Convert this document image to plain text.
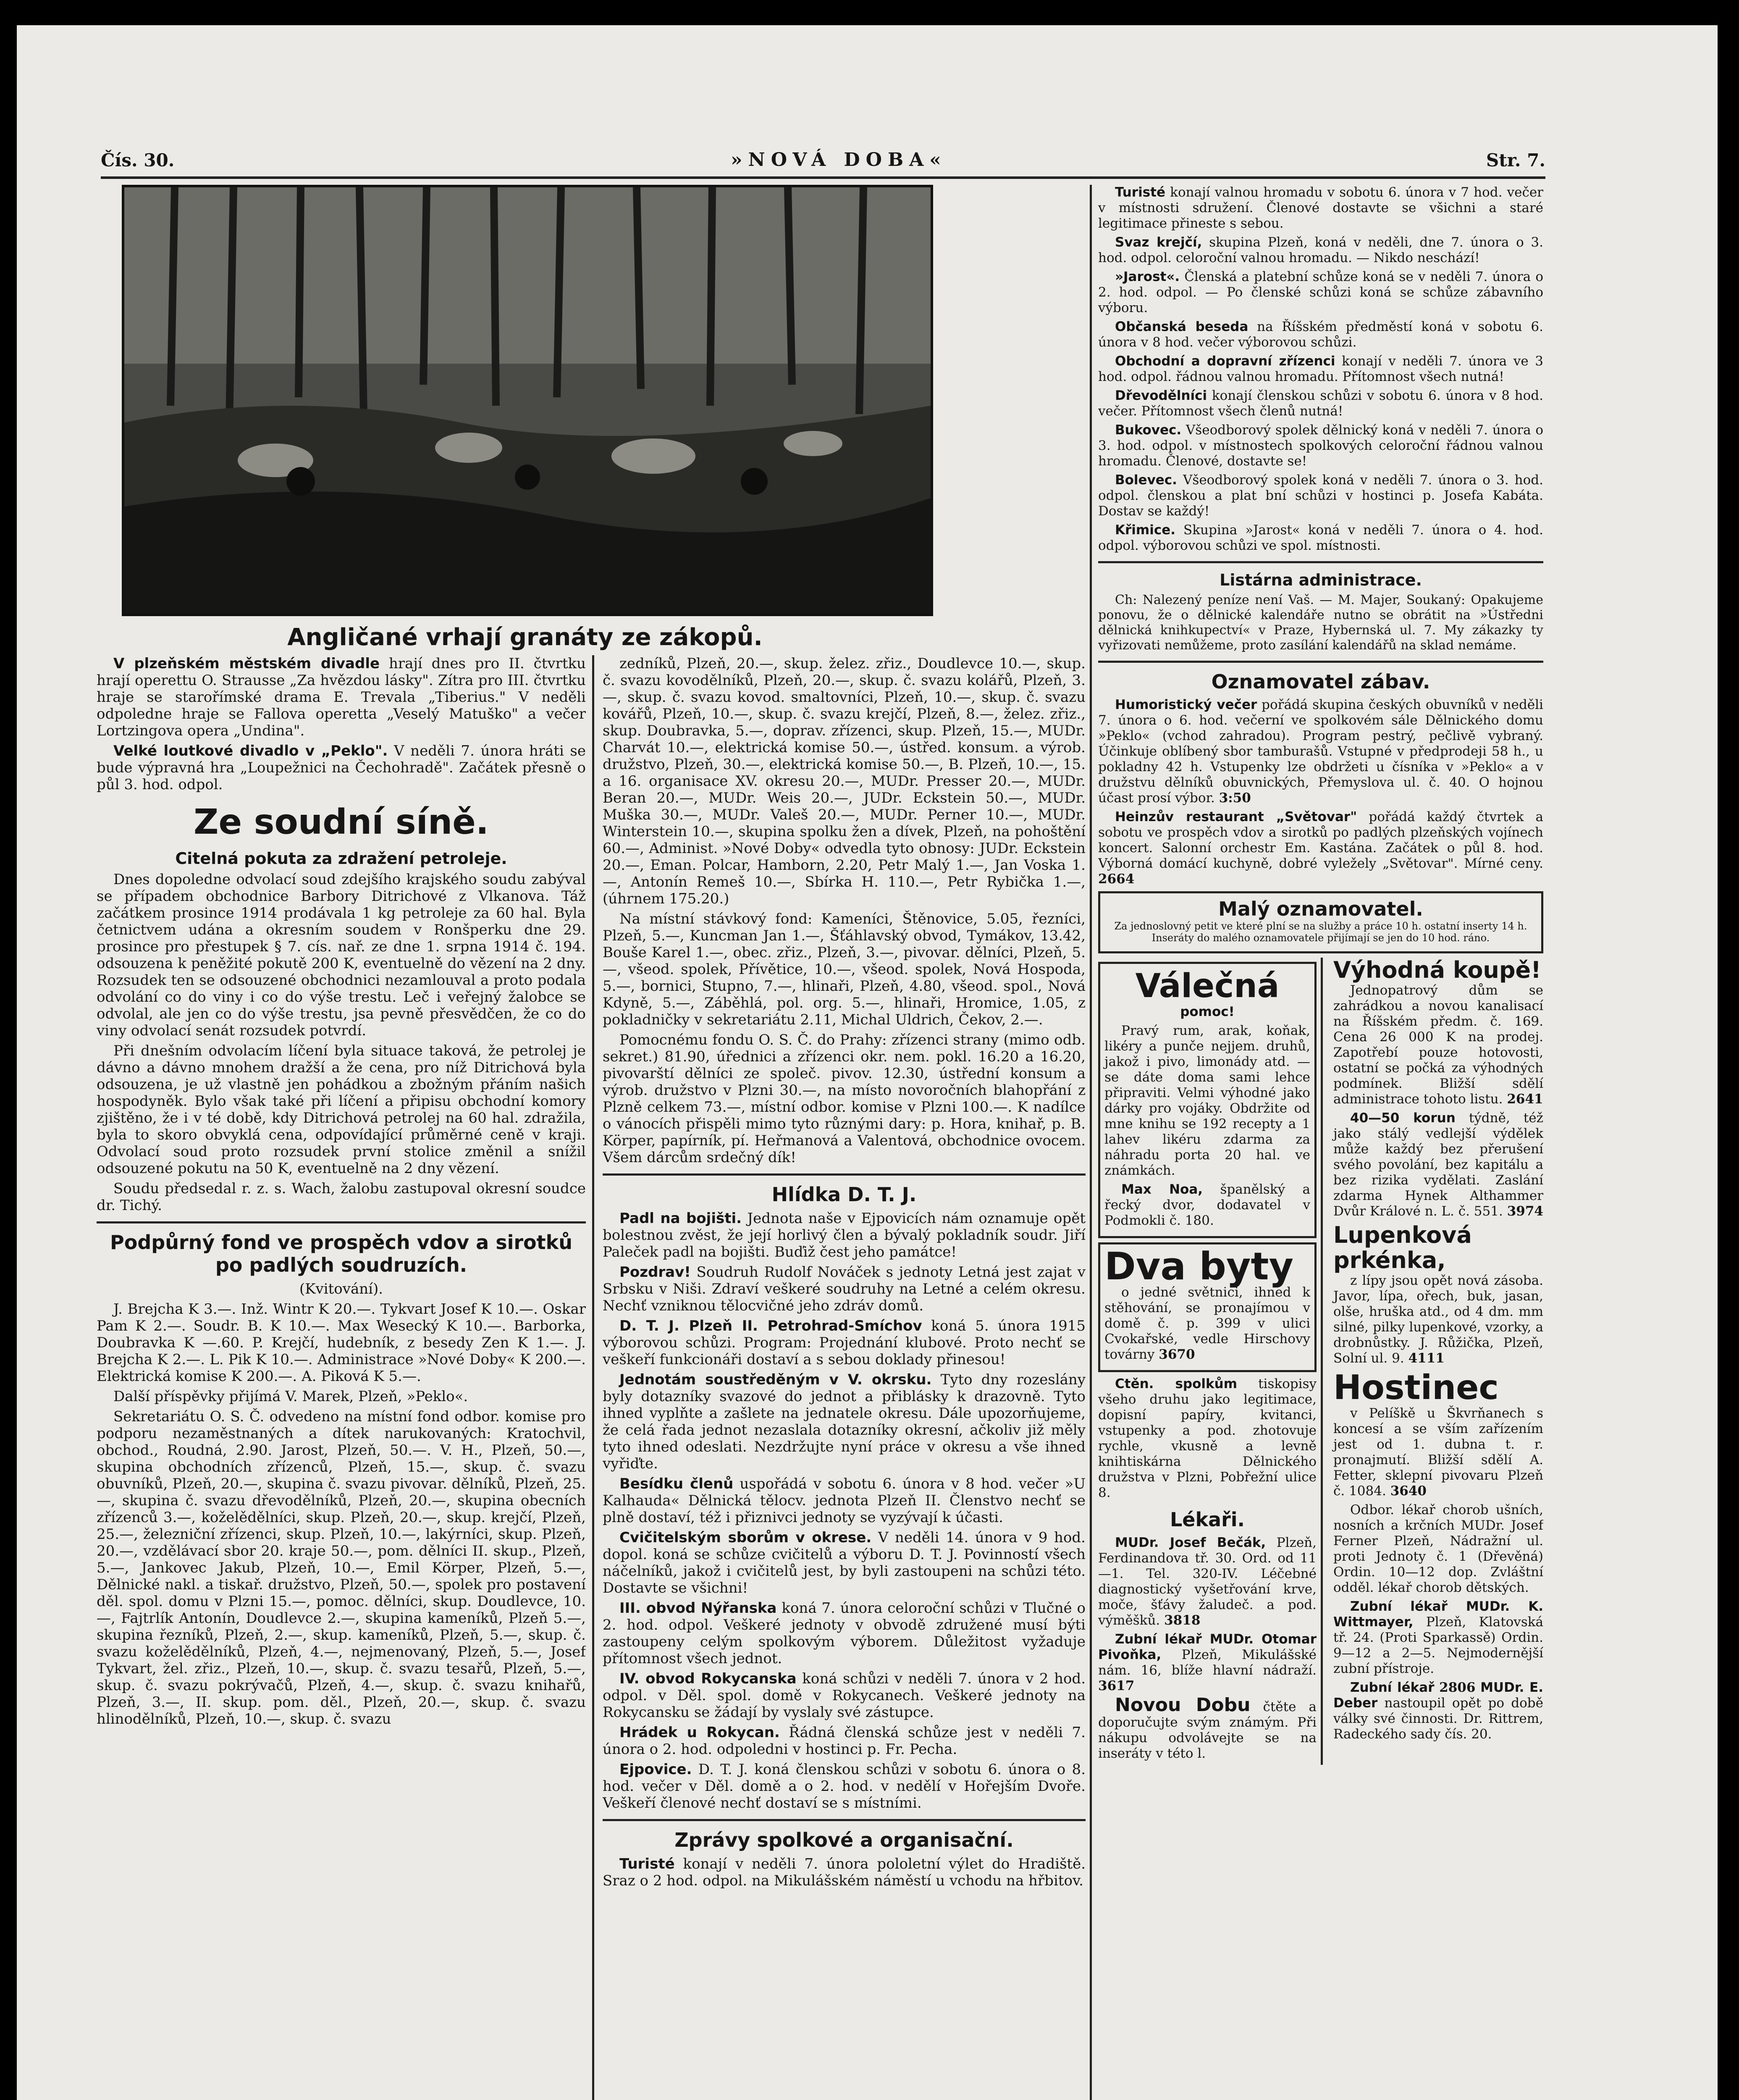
Čís. 30.	»NOVÁ DOBA«	Str. 7.
Angličané vrhají granáty ze zákopů.

V plzeňském městském divadle hrají dnes pro II. čtvrtku hrají operettu O. Strausse „Za hvězdou lásky". Zítra pro III. čtvrtku hraje se starořímské drama E. Trevala „Tiberius." V neděli odpoledne hraje se Fallova operetta „Veselý Matuško" a večer Lortzingova opera „Undina".

Velké loutkové divadlo v „Peklo". V neděli 7. února hráti se bude výpravná hra „Loupežnici na Čechohradě". Začátek přesně o půl 3. hod. odpol.

Ze soudní síně.
Citelná pokuta za zdražení petroleje.

Dnes dopoledne odvolací soud zdejšího krajského soudu zabýval se případem obchodnice Barbory Ditrichové z Vlkanova. Táž začátkem prosince 1914 prodávala 1 kg petroleje za 60 hal. Byla četnictvem udána a okresním soudem v Ronšperku dne 29. prosince pro přestupek § 7. cís. nař. ze dne 1. srpna 1914 č. 194. odsouzena k peněžité pokutě 200 K, eventuelně do vězení na 2 dny. Rozsudek ten se odsouzené obchodnici nezamlouval a proto podala odvolání co do viny i co do výše trestu. Leč i veřejný žalobce se odvolal, ale jen co do výše trestu, jsa pevně přesvědčen, že co do viny odvolací senát rozsudek potvrdí.

Při dnešním odvolacím líčení byla situace taková, že petrolej je dávno a dávno mnohem dražší a že cena, pro níž Ditrichová byla odsouzena, je už vlastně jen pohádkou a zbožným přáním našich hospodyněk. Bylo však také při líčení a připisu obchodní komory zjištěno, že i v té době, kdy Ditrichová petrolej na 60 hal. zdražila, byla to skoro obvyklá cena, odpovídající průměrné ceně v kraji. Odvolací soud proto rozsudek první stolice změnil a snížil odsouzené pokutu na 50 K, eventuelně na 2 dny vězení.

Soudu předsedal r. z. s. Wach, žalobu zastupoval okresní soudce dr. Tichý.

Podpůrný fond ve prospěch vdov a sirotků po padlých soudruzích.

(Kvitování).

J. Brejcha K 3.—. Inž. Wintr K 20.—. Tykvart Josef K 10.—. Oskar Pam K 2.—. Soudr. B. K 10.—. Max Wesecký K 10.—. Barborka, Doubravka K —.60. P. Krejčí, hudebník, z besedy Zen K 1.—. J. Brejcha K 2.—. L. Pik K 10.—. Administrace »Nové Doby« K 200.—. Elektrická komise K 200.—. A. Piková K 5.—.

Další příspěvky přijímá V. Marek, Plzeň, »Peklo«.

Sekretariátu O. S. Č. odvedeno na místní fond odbor. komise pro podporu nezaměstnaných a dítek narukovaných: Kratochvil, obchod., Roudná, 2.90. Jarost, Plzeň, 50.—. V. H., Plzeň, 50.—, skupina obchodních zřízenců, Plzeň, 15.—, skup. č. svazu obuvníků, Plzeň, 20.—, skupina č. svazu pivovar. dělníků, Plzeň, 25.—, skupina č. svazu dřevodělníků, Plzeň, 20.—, skupina obecních zřízenců 3.—, koželědělníci, skup. Plzeň, 20.—, skup. krejčí, Plzeň, 25.—, železniční zřízenci, skup. Plzeň, 10.—, lakýrníci, skup. Plzeň, 20.—, vzdělávací sbor 20. kraje 50.—, pom. dělníci II. skup., Plzeň, 5.—, Jankovec Jakub, Plzeň, 10.—, Emil Körper, Plzeň, 5.—, Dělnické nakl. a tiskař. družstvo, Plzeň, 50.—, spolek pro postavení děl. spol. domu v Plzni 15.—, pomoc. dělníci, skup. Doudlevce, 10.—, Fajtrlík Antonín, Doudlevce 2.—, skupina kameníků, Plzeň 5.—, skupina řezníků, Plzeň, 2.—, skup. kameníků, Plzeň, 5.—, skup. č. svazu koželědělníků, Plzeň, 4.—, nejmenovaný, Plzeň, 5.—, Josef Tykvart, žel. zřiz., Plzeň, 10.—, skup. č. svazu tesařů, Plzeň, 5.—, skup. č. svazu pokrývačů, Plzeň, 4.—, skup. č. svazu knihařů, Plzeň, 3.—, II. skup. pom. děl., Plzeň, 20.—, skup. č. svazu hlinodělníků, Plzeň, 10.—, skup. č. svazu

zedníků, Plzeň, 20.—, skup. želez. zřiz., Doudlevce 10.—, skup. č. svazu kovodělníků, Plzeň, 20.—, skup. č. svazu kolářů, Plzeň, 3.—, skup. č. svazu kovod. smaltovníci, Plzeň, 10.—, skup. č. svazu kovářů, Plzeň, 10.—, skup. č. svazu krejčí, Plzeň, 8.—, želez. zřiz., skup. Doubravka, 5.—, doprav. zřízenci, skup. Plzeň, 15.—, MUDr. Charvát 10.—, elektrická komise 50.—, ústřed. konsum. a výrob. družstvo, Plzeň, 30.—, elektrická komise 50.—, B. Plzeň, 10.—, 15. a 16. organisace XV. okresu 20.—, MUDr. Presser 20.—, MUDr. Beran 20.—, MUDr. Weis 20.—, JUDr. Eckstein 50.—, MUDr. Muška 30.—, MUDr. Valeš 20.—, MUDr. Perner 10.—, MUDr. Winterstein 10.—, skupina spolku žen a dívek, Plzeň, na pohoštění 60.—, Administ. »Nové Doby« odvedla tyto obnosy: JUDr. Eckstein 20.—, Eman. Polcar, Hamborn, 2.20, Petr Malý 1.—, Jan Voska 1.—, Antonín Remeš 10.—, Sbírka H. 110.—, Petr Rybička 1.—, (úhrnem 175.20.)

Na místní stávkový fond: Kameníci, Štěnovice, 5.05, řezníci, Plzeň, 5.—, Kuncman Jan 1.—, Šťáhlavský obvod, Tymákov, 13.42, Bouše Karel 1.—, obec. zřiz., Plzeň, 3.—, pivovar. dělníci, Plzeň, 5.—, všeod. spolek, Přívětice, 10.—, všeod. spolek, Nová Hospoda, 5.—, bornici, Stupno, 7.—, hlinaři, Plzeň, 4.80, všeod. spol., Nová Kdyně, 5.—, Záběhlá, pol. org. 5.—, hlinaři, Hromice, 1.05, z pokladničky v sekretariátu 2.11, Michal Uldrich, Čekov, 2.—.

Pomocnému fondu O. S. Č. do Prahy: zřízenci strany (mimo odb. sekret.) 81.90, úřednici a zřízenci okr. nem. pokl. 16.20 a 16.20, pivovarští dělníci ze společ. pivov. 12.30, ústřední konsum a výrob. družstvo v Plzni 30.—, na místo novoročních blahopřání z Plzně celkem 73.—, místní odbor. komise v Plzni 100.—. K nadílce o vánocích přispěli mimo tyto různými dary: p. Hora, knihař, p. B. Körper, papírník, pí. Heřmanová a Valentová, obchodnice ovocem. Všem dárcům srdečný dík!

Hlídka D. T. J.

Padl na bojišti. Jednota naše v Ejpovicích nám oznamuje opět bolestnou zvěst, že její horlivý člen a bývalý pokladník soudr. Jiří Paleček padl na bojišti. Buďiž čest jeho památce!

Pozdrav! Soudruh Rudolf Nováček s jednoty Letná jest zajat v Srbsku v Niši. Zdraví veškeré soudruhy na Letné a celém okresu. Nechť vzniknou tělocvičné jeho zdráv domů.

D. T. J. Plzeň II. Petrohrad-Smíchov koná 5. února 1915 výborovou schůzi. Program: Projednání klubové. Proto nechť se veškeří funkcionáři dostaví a s sebou doklady přinesou!

Jednotám soustředěným v V. okrsku. Tyto dny rozeslány byly dotazníky svazové do jednot a přiblásky k drazovně. Tyto ihned vyplňte a zašlete na jednatele okresu. Dále upozorňujeme, že celá řada jednot nezaslala dotazníky okresní, ačkoliv již měly tyto ihned odeslati. Nezdržujte nyní práce v okresu a vše ihned vyřiďte.

Besídku členů uspořádá v sobotu 6. února v 8 hod. večer »U Kalhauda« Dělnická tělocv. jednota Plzeň II. Členstvo nechť se plně dostaví, též i přiznivci jednoty se vyzývají k účasti.

Cvičitelským sborům v okrese. V neděli 14. února v 9 hod. dopol. koná se schůze cvičitelů a výboru D. T. J. Povinností všech náčelníků, jakož i cvičitelů jest, by byli zastoupeni na schůzi této. Dostavte se všichni!

III. obvod Nýřanska koná 7. února celoroční schůzi v Tlučné o 2. hod. odpol. Veškeré jednoty v obvodě združené musí býti zastoupeny celým spolkovým výborem. Důležitost vyžaduje přítomnost všech jednot.

IV. obvod Rokycanska koná schůzi v neděli 7. února v 2 hod. odpol. v Děl. spol. domě v Rokycanech. Veškeré jednoty na Rokycansku se žádají by vyslaly své zástupce.

Hrádek u Rokycan. Řádná členská schůze jest v neděli 7. února o 2. hod. odpoledni v hostinci p. Fr. Pecha.

Ejpovice. D. T. J. koná členskou schůzi v sobotu 6. února o 8. hod. večer v Děl. domě a o 2. hod. v nedělí v Hořejším Dvoře. Veškeří členové nechť dostaví se s místními.

Zprávy spolkové a organisační.

Turisté konají v neděli 7. února pololetní výlet do Hradiště. Sraz o 2 hod. odpol. na Mikulášském náměstí u vchodu na hřbitov.

Turisté konají valnou hromadu v sobotu 6. února v 7 hod. večer v místnosti sdružení. Členové dostavte se všichni a staré legitimace přineste s sebou.

Svaz krejčí, skupina Plzeň, koná v neděli, dne 7. února o 3. hod. odpol. celoroční valnou hromadu. — Nikdo neschází!

»Jarost«. Členská a platební schůze koná se v neděli 7. února o 2. hod. odpol. — Po členské schůzi koná se schůze zábavního výboru.

Občanská beseda na Říšském předměstí koná v sobotu 6. února v 8 hod. večer výborovou schůzi.

Obchodní a dopravní zřízenci konají v neděli 7. února ve 3 hod. odpol. řádnou valnou hromadu. Přítomnost všech nutná!

Dřevodělníci konají členskou schůzi v sobotu 6. února v 8 hod. večer. Přítomnost všech členů nutná!

Bukovec. Všeodborový spolek dělnický koná v neděli 7. února o 3. hod. odpol. v místnostech spolkových celoroční řádnou valnou hromadu. Členové, dostavte se!

Bolevec. Všeodborový spolek koná v neděli 7. února o 3. hod. odpol. členskou a plat bní schůzi v hostinci p. Josefa Kabáta. Dostav se každý!

Křimice. Skupina »Jarost« koná v neděli 7. února o 4. hod. odpol. výborovou schůzi ve spol. místnosti.

Listárna administrace.

Ch: Nalezený peníze není Vaš. — M. Majer, Soukaný: Opakujeme ponovu, že o dělnické kalendáře nutno se obrátit na »Ústředni dělnická knihkupectví« v Praze, Hybernská ul. 7. My zákazky ty vyřizovati nemůžeme, proto zasílání kalendářů na sklad nemáme.

Oznamovatel zábav.

Humoristický večer pořádá skupina českých obuvníků v neděli 7. února o 6. hod. večerní ve spolkovém sále Dělnického domu »Peklo« (vchod zahradou). Program pestrý, pečlivě vybraný. Účinkuje oblíbený sbor tamburašů. Vstupné v předprodeji 58 h., u pokladny 42 h. Vstupenky lze obdržeti u čísníka v »Peklo« a v družstvu dělníků obuvnických, Přemyslova ul. č. 40. O hojnou účast prosí výbor. 3:50

Heinzův restaurant „Světovar" pořádá každý čtvrtek a sobotu ve prospěch vdov a sirotků po padlých plzeňských vojínech koncert. Salonní orchestr Em. Kastána. Začátek o půl 8. hod. Výborná domácí kuchyně, dobré vyležely „Světovar". Mírné ceny. 2664

Malý oznamovatel.

Za jednoslovný petit ve které plní se na služby a práce 10 h. ostatní inserty 14 h. Inseráty do malého oznamovatele přijímají se jen do 10 hod. ráno.

Válečná

pomoc!

Pravý rum, arak, koňak, likéry a punče nejjem. druhů, jakož i pivo, limonády atd. — se dáte doma sami lehce připraviti. Velmi výhodné jako dárky pro vojáky. Obdržite od mne knihu se 192 recepty a 1 lahev likéru zdarma za náhradu porta 20 hal. ve známkách.

Max Noa, španělský a řecký dvor, dodavatel v Podmokli č. 180.

Dva byty

o jedné světnici, ihned k stěhování, se pronajímou v domě č. p. 399 v ulici Cvokařské, vedle Hirschovy továrny 3670

Ctěn. spolkům tiskopisy všeho druhu jako legitimace, dopisní papíry, kvitanci, vstupenky a pod. zhotovuje rychle, vkusně a levně knihtiskárna Dělnického družstva v Plzni, Pobřežní ulice 8.

Lékaři.

MUDr. Josef Bečák, Plzeň, Ferdinandova tř. 30. Ord. od 11—1. Tel. 320-IV. Léčebné diagnostický vyšetřování krve, moče, šťávy žaludeč. a pod. výměšků. 3818

Zubní lékař MUDr. Otomar Pivoňka, Plzeň, Mikulášské nám. 16, blíže hlavní nádraží. 3617

Novou Dobu čtěte a doporučujte svým známým. Při nákupu odvolávejte se na inseráty v této l.

Výhodná koupě!

Jednopatrový dům se zahrádkou a novou kanalisací na Říšském předm. č. 169. Cena 26 000 K na prodej. Zapotřebí pouze hotovosti, ostatní se počká za výhodných podmínek. Bližší sdělí administrace tohoto listu. 2641

40—50 korun týdně, též jako stálý vedlejší výdělek může každý bez přerušení svého povolání, bez kapitálu a bez rizika vydělati. Zaslání zdarma Hynek Althammer Dvůr Králové n. L. č. 551. 3974

Lupenková prkénka,

z lípy jsou opět nová zásoba. Javor, lípa, ořech, buk, jasan, olše, hruška atd., od 4 dm. mm silné, pilky lupenkové, vzorky, a drobnůstky. J. Růžička, Plzeň, Solní ul. 9. 4111

Hostinec

v Pelíškě u Škvrňanech s koncesí a se vším zařízením jest od 1. dubna t. r. pronajmutí. Bližší sdělí A. Fetter, sklepní pivovaru Plzeň č. 1084. 3640

Odbor. lékař chorob ušních, nosních a krčních MUDr. Josef Ferner Plzeň, Nádražní ul. proti Jednoty č. 1 (Dřevěná) Ordin. 10—12 dop. Zvláštní odděl. lékař chorob dětských.

Zubní lékař MUDr. K. Wittmayer, Plzeň, Klatovská tř. 24. (Proti Sparkassě) Ordin. 9—12 a 2—5. Nejmodernější zubní přístroje.

Zubní lékař 2806 MUDr. E. Deber nastoupil opět po době války své činnosti. Dr. Rittrem, Radeckého sady čís. 20.
